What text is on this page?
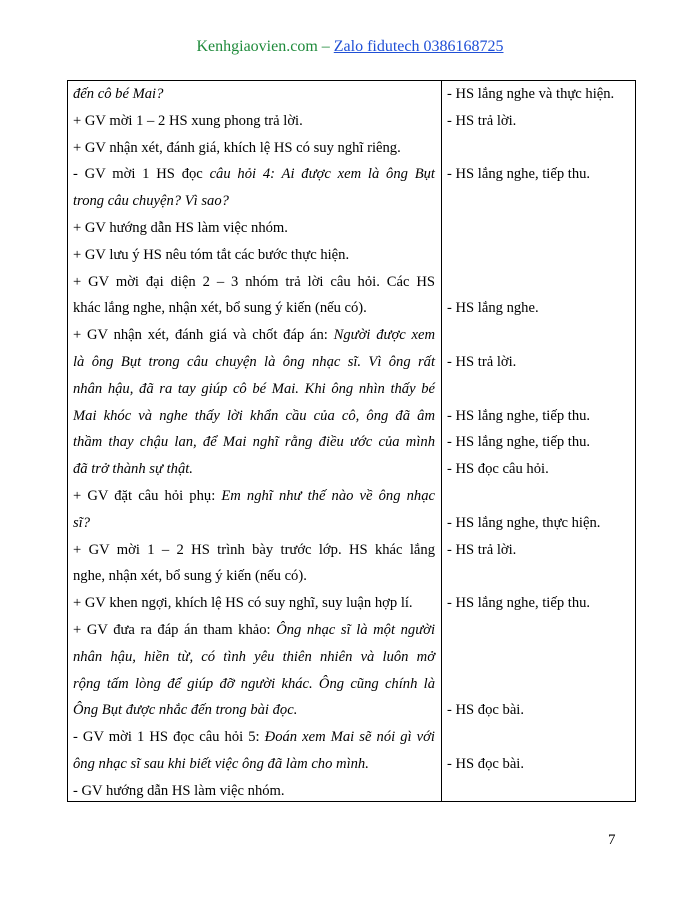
Kenhgiaovien.com – Zalo fidutech 0386168725
đến cô bé Mai?
+ GV mời 1 – 2 HS xung phong trả lời.
+ GV nhận xét, đánh giá, khích lệ HS có suy nghĩ riêng.
- GV mời 1 HS đọc câu hỏi 4: Ai được xem là ông Bụt
trong câu chuyện? Vì sao?
+ GV hướng dẫn HS làm việc nhóm.
+ GV lưu ý HS nêu tóm tắt các bước thực hiện.
+ GV mời đại diện 2 – 3 nhóm trả lời câu hỏi. Các HS
khác lắng nghe, nhận xét, bổ sung ý kiến (nếu có).
+ GV nhận xét, đánh giá và chốt đáp án: Người được xem
là ông Bụt trong câu chuyện là ông nhạc sĩ. Vì ông rất
nhân hậu, đã ra tay giúp cô bé Mai. Khi ông nhìn thấy bé
Mai khóc và nghe thấy lời khẩn cầu của cô, ông đã âm
thầm thay chậu lan, để Mai nghĩ rằng điều ước của mình
đã trở thành sự thật.
+ GV đặt câu hỏi phụ: Em nghĩ như thế nào về ông nhạc
sĩ?
+ GV mời 1 – 2 HS trình bày trước lớp. HS khác lắng
nghe, nhận xét, bổ sung ý kiến (nếu có).
+ GV khen ngợi, khích lệ HS có suy nghĩ, suy luận hợp lí.
+ GV đưa ra đáp án tham khảo: Ông nhạc sĩ là một người
nhân hậu, hiền từ, có tình yêu thiên nhiên và luôn mở
rộng tấm lòng để giúp đỡ người khác. Ông cũng chính là
Ông Bụt được nhắc đến trong bài đọc.
- GV mời 1 HS đọc câu hỏi 5: Đoán xem Mai sẽ nói gì với
ông nhạc sĩ sau khi biết việc ông đã làm cho mình.
- GV hướng dẫn HS làm việc nhóm.
- HS lắng nghe và thực hiện.
- HS trả lời.
- HS lắng nghe, tiếp thu.
- HS lắng nghe.
- HS trả lời.
- HS lắng nghe, tiếp thu.
- HS lắng nghe, tiếp thu.
- HS đọc câu hỏi.
- HS lắng nghe, thực hiện.
- HS trả lời.
- HS lắng nghe, tiếp thu.
- HS đọc bài.
- HS đọc bài.
7
